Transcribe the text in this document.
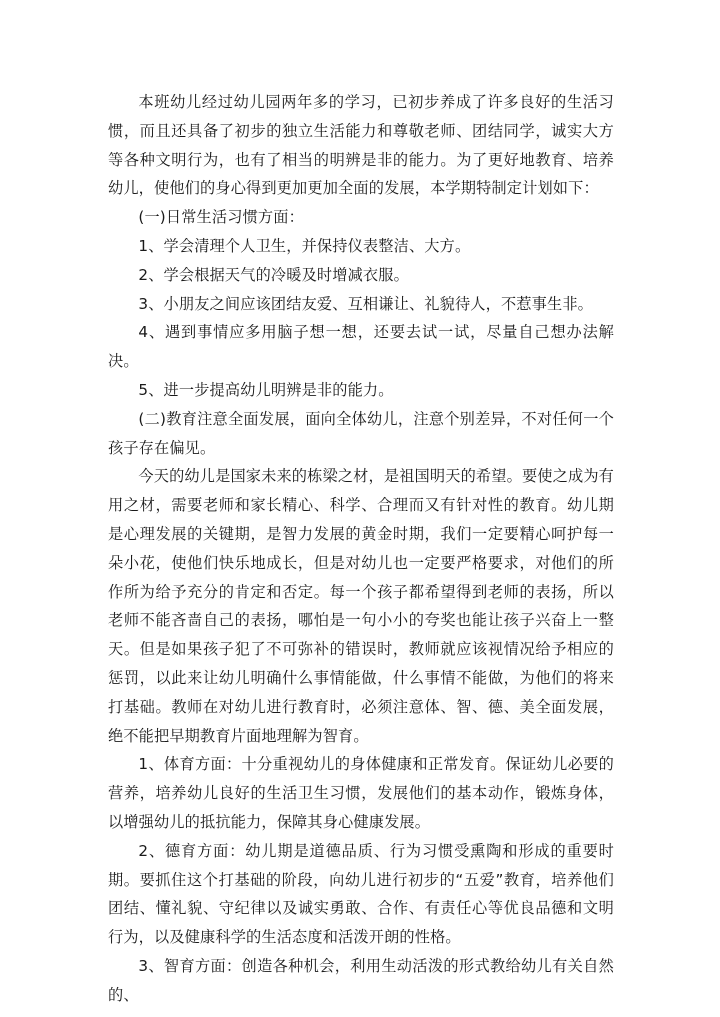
本班幼儿经过幼儿园两年多的学习，已初步养成了许多良好的生活习惯，而且还具备了初步的独立生活能力和尊敬老师、团结同学，诚实大方等各种文明行为，也有了相当的明辨是非的能力。为了更好地教育、培养幼儿，使他们的身心得到更加更加全面的发展，本学期特制定计划如下：

(一)日常生活习惯方面：

1、学会清理个人卫生，并保持仪表整洁、大方。

2、学会根据天气的冷暖及时增减衣服。

3、小朋友之间应该团结友爱、互相谦让、礼貌待人，不惹事生非。

4、遇到事情应多用脑子想一想，还要去试一试，尽量自己想办法解决。

5、进一步提高幼儿明辨是非的能力。

(二)教育注意全面发展，面向全体幼儿，注意个别差异，不对任何一个孩子存在偏见。

今天的幼儿是国家未来的栋梁之材，是祖国明天的希望。要使之成为有用之材，需要老师和家长精心、科学、合理而又有针对性的教育。幼儿期是心理发展的关键期，是智力发展的黄金时期，我们一定要精心呵护每一朵小花，使他们快乐地成长，但是对幼儿也一定要严格要求，对他们的所作所为给予充分的肯定和否定。每一个孩子都希望得到老师的表扬，所以老师不能吝啬自己的表扬，哪怕是一句小小的夸奖也能让孩子兴奋上一整天。但是如果孩子犯了不可弥补的错误时，教师就应该视情况给予相应的惩罚，以此来让幼儿明确什么事情能做，什么事情不能做，为他们的将来打基础。教师在对幼儿进行教育时，必须注意体、智、德、美全面发展，绝不能把早期教育片面地理解为智育。

1、体育方面：十分重视幼儿的身体健康和正常发育。保证幼儿必要的营养，培养幼儿良好的生活卫生习惯，发展他们的基本动作，锻炼身体，以增强幼儿的抵抗能力，保障其身心健康发展。

2、德育方面：幼儿期是道德品质、行为习惯受熏陶和形成的重要时期。要抓住这个打基础的阶段，向幼儿进行初步的“五爱”教育，培养他们团结、懂礼貌、守纪律以及诚实勇敢、合作、有责任心等优良品德和文明行为，以及健康科学的生活态度和活泼开朗的性格。

3、智育方面：创造各种机会，利用生动活泼的形式教给幼儿有关自然的、
